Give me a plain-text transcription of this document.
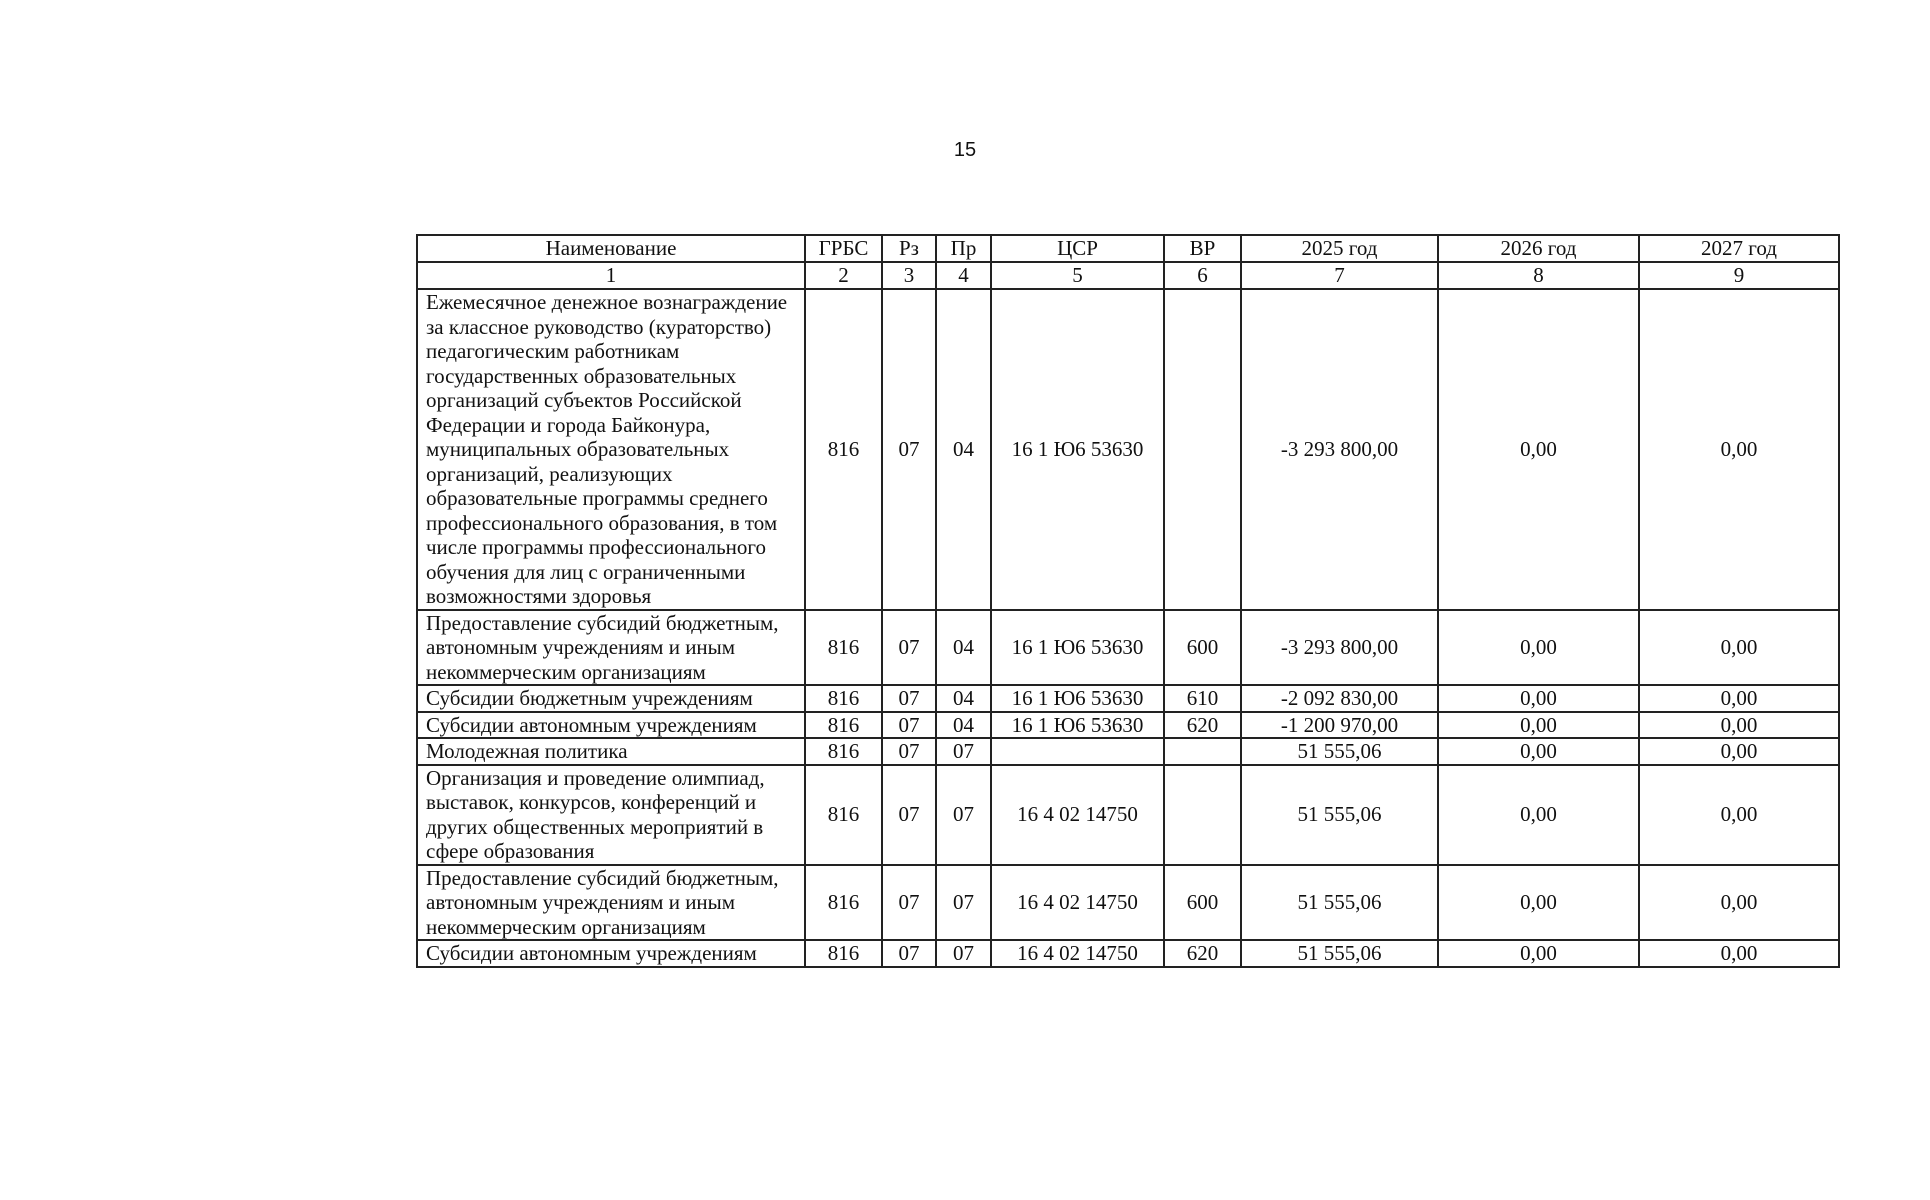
15
Наименование	ГРБС	Рз	Пр	ЦСР	ВР	2025 год	2026 год	2027 год
1	2	3	4	5	6	7	8	9
Ежемесячное денежное вознаграждение за классное руководство (кураторство) педагогическим работникам государственных образовательных организаций субъектов Российской Федерации и города Байконура, муниципальных образовательных организаций, реализующих образовательные программы среднего профессионального образования, в том числе программы профессионального обучения для лиц с ограниченными возможностями здоровья	816	07	04	16 1 Ю6 53630		-3 293 800,00	0,00	0,00
Предоставление субсидий бюджетным, автономным учреждениям и иным некоммерческим организациям	816	07	04	16 1 Ю6 53630	600	-3 293 800,00	0,00	0,00
Субсидии бюджетным учреждениям	816	07	04	16 1 Ю6 53630	610	-2 092 830,00	0,00	0,00
Субсидии автономным учреждениям	816	07	04	16 1 Ю6 53630	620	-1 200 970,00	0,00	0,00
Молодежная политика	816	07	07			51 555,06	0,00	0,00
Организация и проведение олимпиад, выставок, конкурсов, конференций и других общественных мероприятий в сфере образования	816	07	07	16 4 02 14750		51 555,06	0,00	0,00
Предоставление субсидий бюджетным, автономным учреждениям и иным некоммерческим организациям	816	07	07	16 4 02 14750	600	51 555,06	0,00	0,00
Субсидии автономным учреждениям	816	07	07	16 4 02 14750	620	51 555,06	0,00	0,00
